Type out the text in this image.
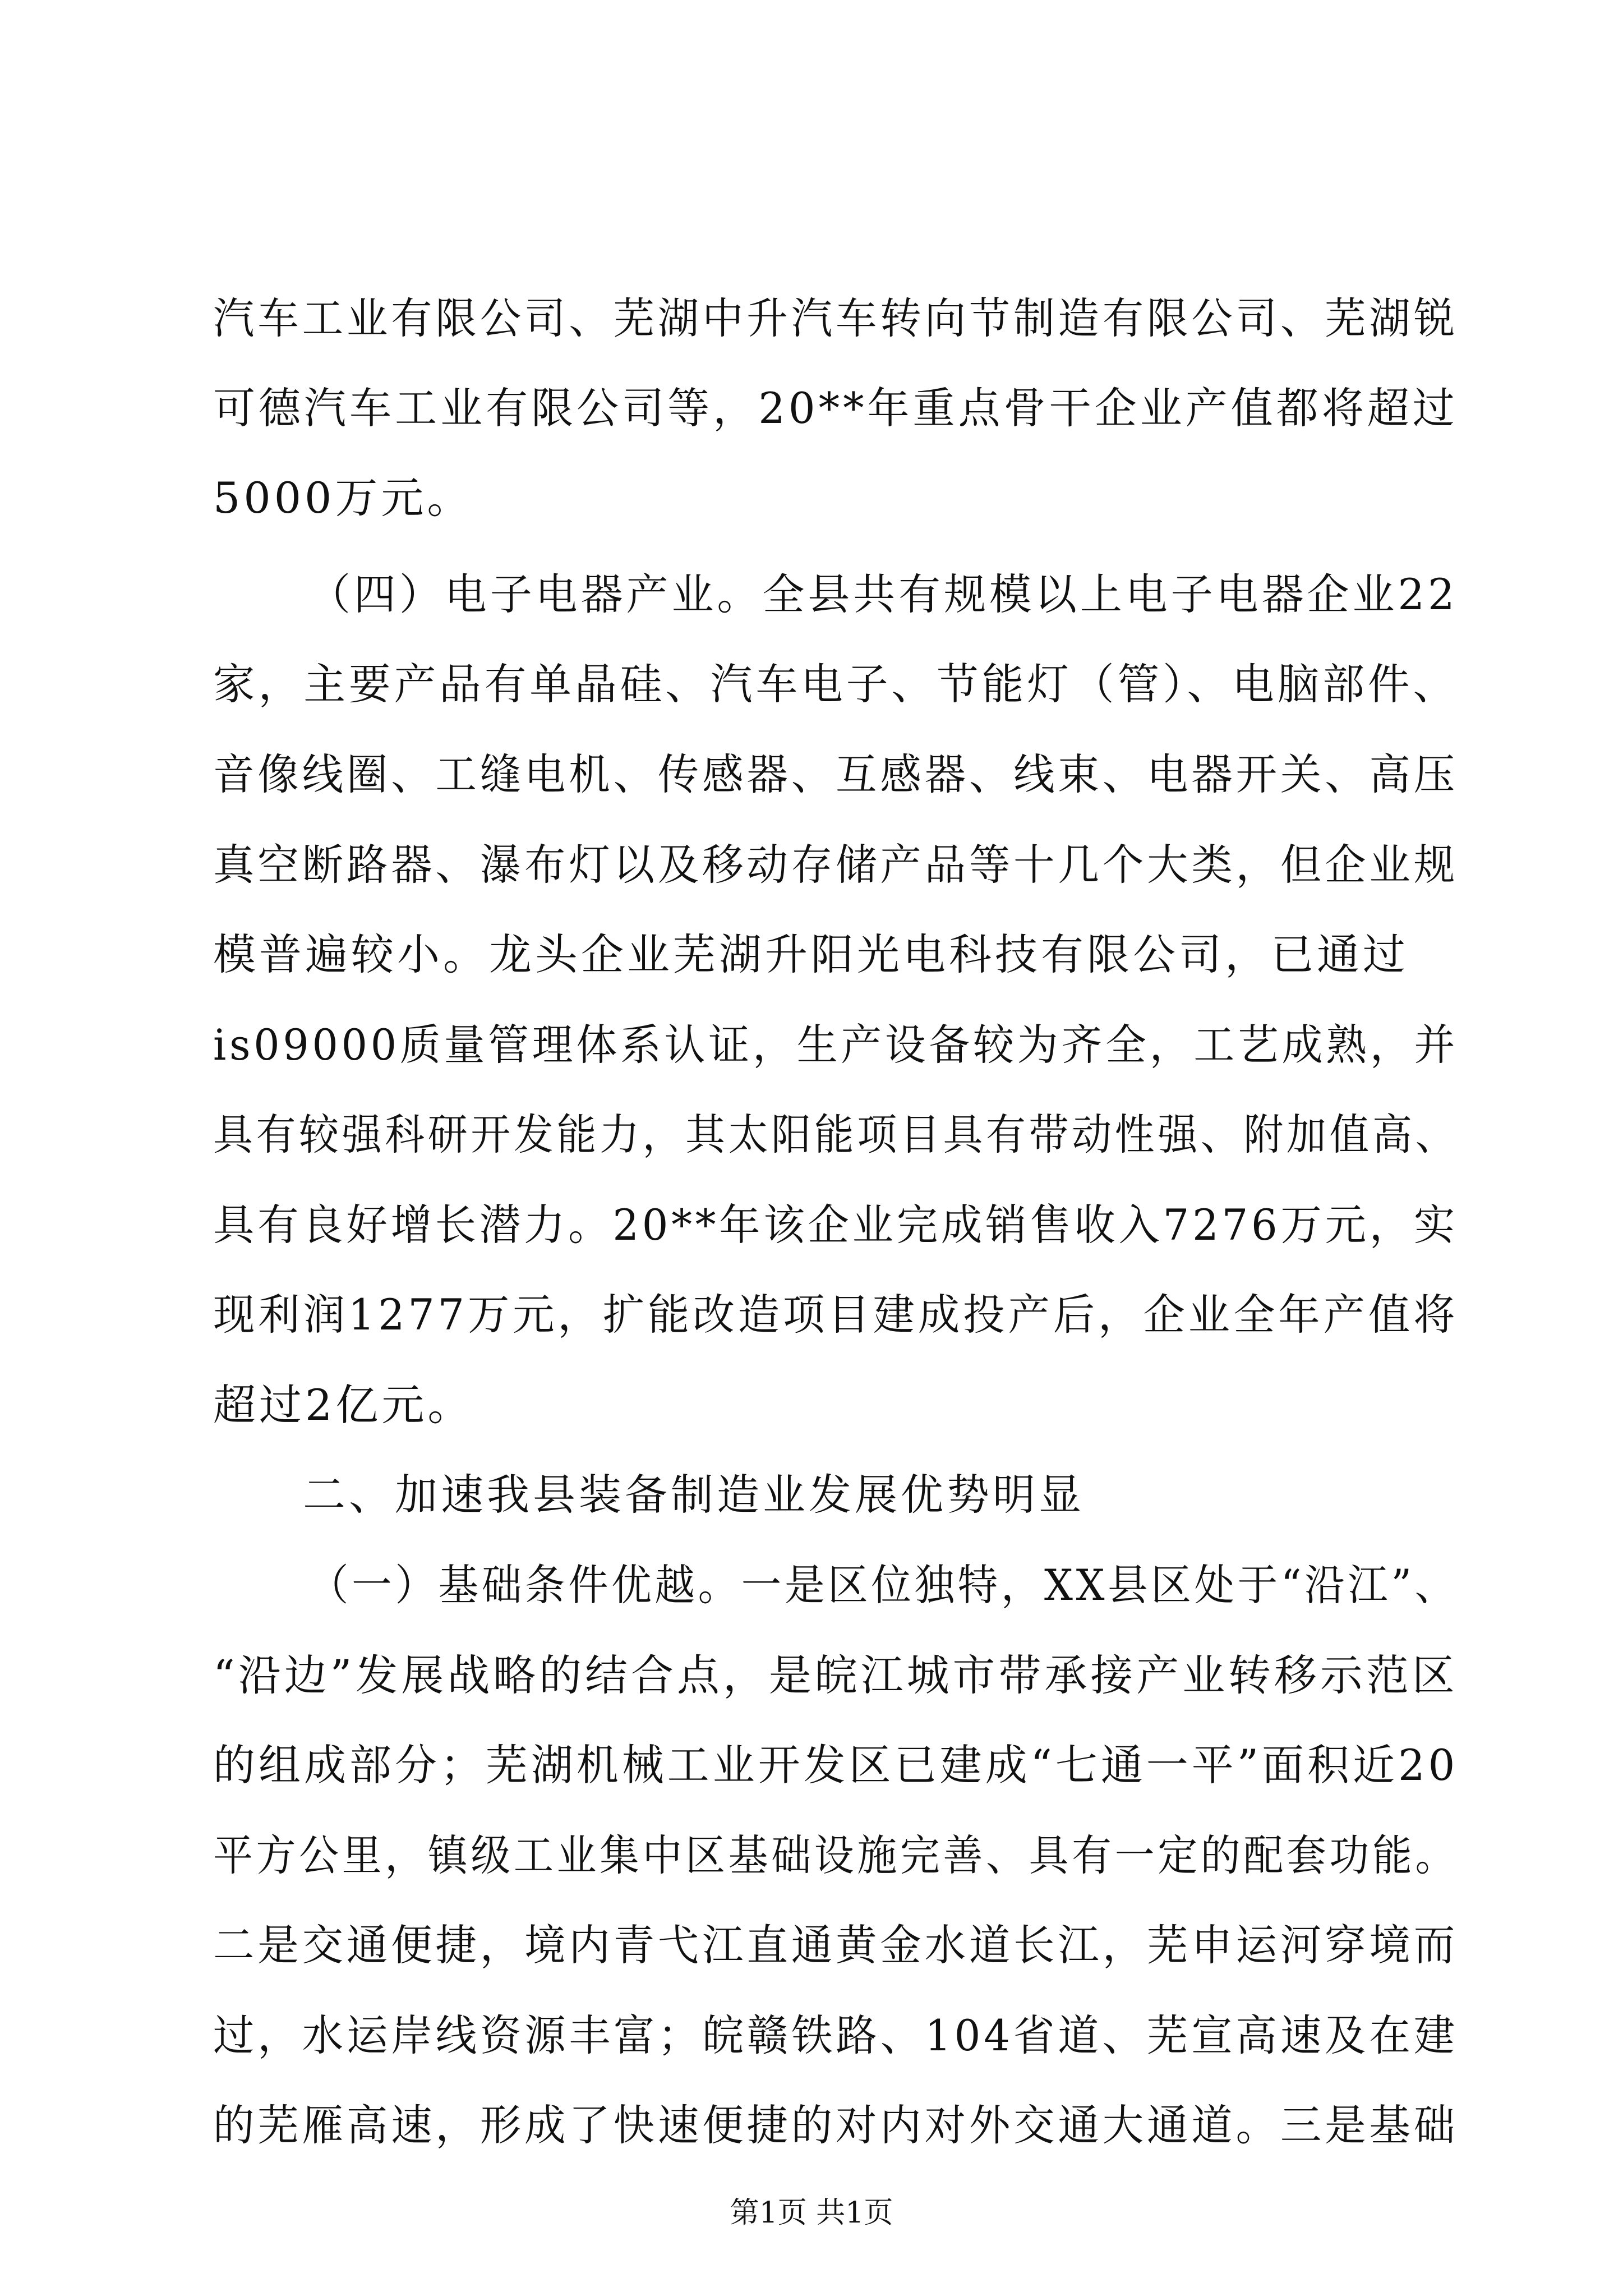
汽车工业有限公司、芜湖中升汽车转向节制造有限公司、芜湖锐
可德汽车工业有限公司等，20**年重点骨干企业产值都将超过
5000万元。
（四）电子电器产业。全县共有规模以上电子电器企业22
家，主要产品有单晶硅、汽车电子、节能灯（管）、电脑部件、
音像线圈、工缝电机、传感器、互感器、线束、电器开关、高压
真空断路器、瀑布灯以及移动存储产品等十几个大类，但企业规
模普遍较小。龙头企业芜湖升阳光电科技有限公司，已通过
is09000质量管理体系认证，生产设备较为齐全，工艺成熟，并
具有较强科研开发能力，其太阳能项目具有带动性强、附加值高、
具有良好增长潜力。20**年该企业完成销售收入7276万元，实
现利润1277万元，扩能改造项目建成投产后，企业全年产值将
超过2亿元。
二、加速我县装备制造业发展优势明显
（一）基础条件优越。一是区位独特，XX县区处于“沿江”、
“沿边”发展战略的结合点，是皖江城市带承接产业转移示范区
的组成部分；芜湖机械工业开发区已建成“七通一平”面积近20
平方公里，镇级工业集中区基础设施完善、具有一定的配套功能。
二是交通便捷，境内青弋江直通黄金水道长江，芜申运河穿境而
过，水运岸线资源丰富；皖赣铁路、104省道、芜宣高速及在建
的芜雁高速，形成了快速便捷的对内对外交通大通道。三是基础
第1页 共1页
